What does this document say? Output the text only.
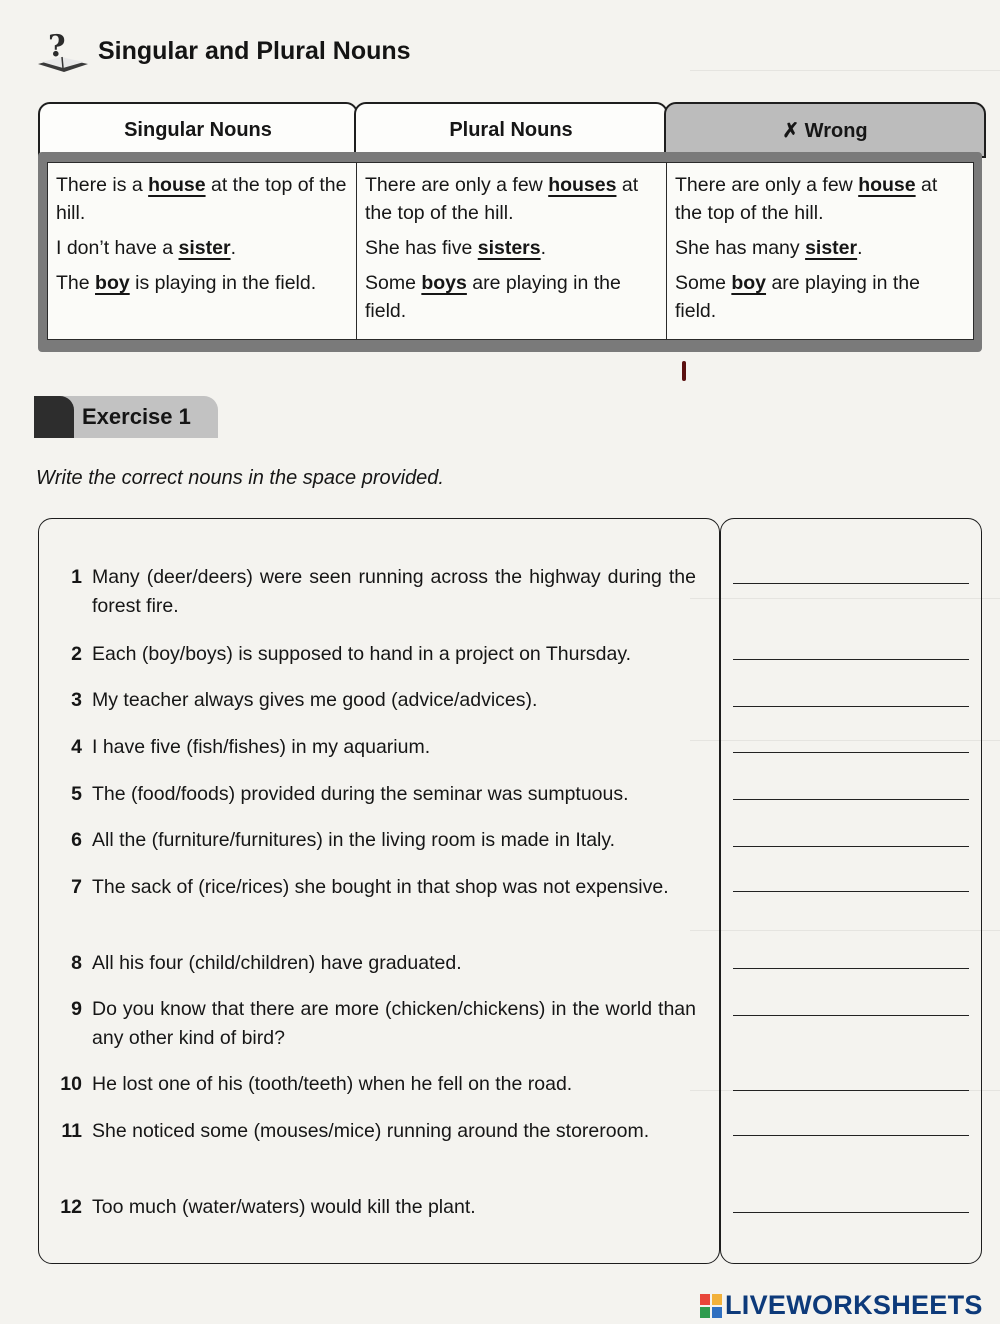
? Singular and Plural Nouns
Singular Nouns	Plural Nouns	✗ Wrong

There is a house at the top of the hill.

I don’t have a sister.

The boy is playing in the field.

There are only a few houses at the top of the hill.

She has five sisters.

Some boys are playing in the field.

There are only a few house at the top of the hill.

She has many sister.

Some boy are playing in the field.

Exercise 1
Write the correct nouns in the space provided.
1 Many (deer/deers) were seen running across the highway during the forest fire.
2 Each (boy/boys) is supposed to hand in a project on Thursday.
3 My teacher always gives me good (advice/advices).
4 I have five (fish/fishes) in my aquarium.
5 The (food/foods) provided during the seminar was sumptuous.
6 All the (furniture/furnitures) in the living room is made in Italy.
7 The sack of (rice/rices) she bought in that shop was not expensive.
8 All his four (child/children) have graduated.
9 Do you know that there are more (chicken/chickens) in the world than any other kind of bird?
10 He lost one of his (tooth/teeth) when he fell on the road.
11 She noticed some (mouses/mice) running around the storeroom.
12 Too much (water/waters) would kill the plant.
LIVEWORKSHEETS
